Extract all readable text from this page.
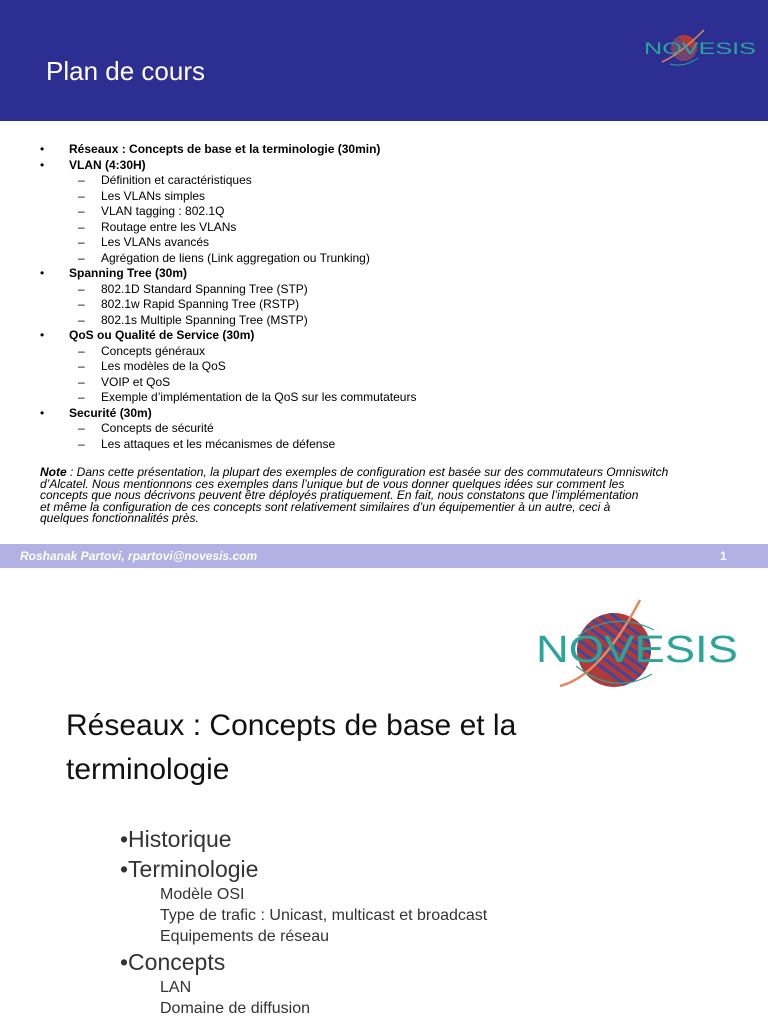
Plan de cours
NOVESIS
• Réseaux : Concepts de base et la terminologie (30min)
• VLAN (4:30H)
– Définition et caractéristiques
– Les VLANs simples
– VLAN tagging : 802.1Q
– Routage entre les VLANs
– Les VLANs avancés
– Agrégation de liens (Link aggregation ou Trunking)
• Spanning Tree (30m)
– 802.1D Standard Spanning Tree (STP)
– 802.1w Rapid Spanning Tree (RSTP)
– 802.1s Multiple Spanning Tree (MSTP)
• QoS ou Qualité de Service (30m)
– Concepts généraux
– Les modèles de la QoS
– VOIP et QoS
– Exemple d’implémentation de la QoS sur les commutateurs
• Securité (30m)
– Concepts de sécurité
– Les attaques et les mécanismes de défense
Note : Dans cette présentation, la plupart des exemples de configuration est basée sur des commutateurs Omniswitch
d’Alcatel. Nous mentionnons ces exemples dans l’unique but de vous donner quelques idées sur comment les
concepts que nous décrivons peuvent être déployés pratiquement. En fait, nous constatons que l’implémentation
et même la configuration de ces concepts sont relativement similaires d’un équipementier à un autre, ceci à
quelques fonctionnalités près.
Roshanak Partovi, rpartovi@novesis.com	1
NOVESIS
Réseaux : Concepts de base et la
terminologie
•Historique
•Terminologie
Modèle OSI
Type de trafic : Unicast, multicast et broadcast
Equipements de réseau
•Concepts
LAN
Domaine de diffusion
